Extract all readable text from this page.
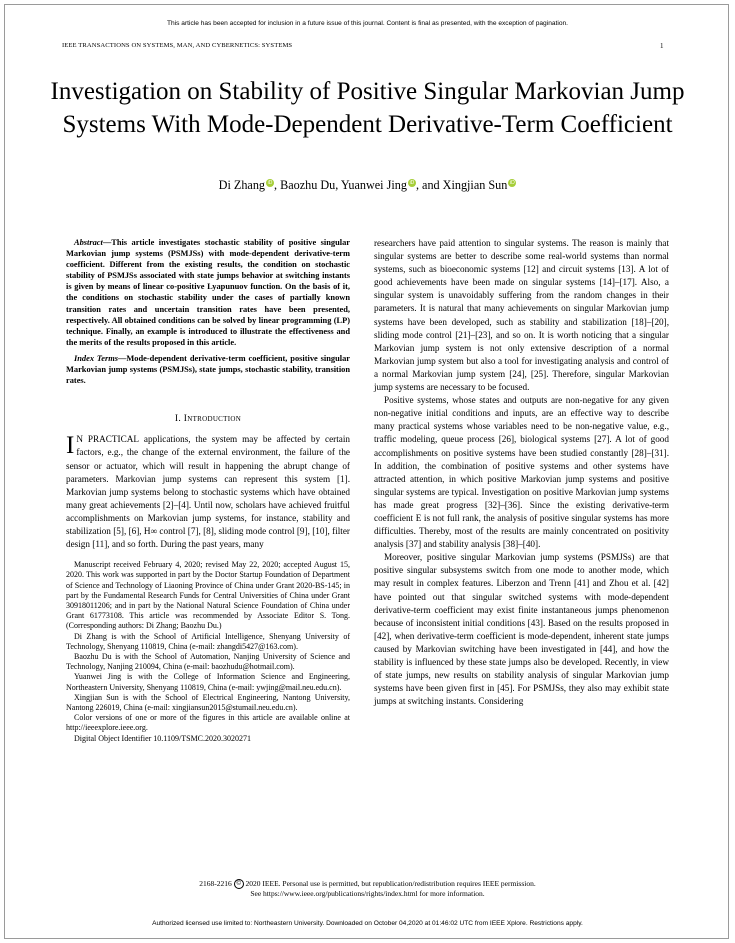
This article has been accepted for inclusion in a future issue of this journal. Content is final as presented, with the exception of pagination.
IEEE TRANSACTIONS ON SYSTEMS, MAN, AND CYBERNETICS: SYSTEMS	1
Investigation on Stability of Positive Singular Markovian Jump Systems With Mode-Dependent Derivative-Term Coefficient
Di Zhang iD , Baozhu Du, Yuanwei Jing iD , and Xingjian Sun iD
Abstract—This article investigates stochastic stability of positive singular Markovian jump systems (PSMJSs) with mode-dependent derivative-term coefficient. Different from the existing results, the condition on stochastic stability of PSMJSs associated with state jumps behavior at switching instants is given by means of linear co-positive Lyapunuov function. On the basis of it, the conditions on stochastic stability under the cases of partially known transition rates and uncertain transition rates have been presented, respectively. All obtained conditions can be solved by linear programming (LP) technique. Finally, an example is introduced to illustrate the effectiveness and the merits of the results proposed in this article.
Index Terms—Mode-dependent derivative-term coefficient, positive singular Markovian jump systems (PSMJSs), state jumps, stochastic stability, transition rates.
I. Introduction
I N PRACTICAL applications, the system may be affected by certain factors, e.g., the change of the external environment, the failure of the sensor or actuator, which will result in happening the abrupt change of parameters. Markovian jump systems can represent this system [1]. Markovian jump systems belong to stochastic systems which have obtained many great achievements [2]–[4]. Until now, scholars have achieved fruitful accomplishments on Markovian jump systems, for instance, stability and stabilization [5], [6], H∞ control [7], [8], sliding mode control [9], [10], filter design [11], and so forth. During the past years, many

Manuscript received February 4, 2020; revised May 22, 2020; accepted August 15, 2020. This work was supported in part by the Doctor Startup Foundation of Department of Science and Technology of Liaoning Province of China under Grant 2020-BS-145; in part by the Fundamental Research Funds for Central Universities of China under Grant 3091801120​6; and in part by the National Natural Science Foundation of China under Grant 61773108. This article was recommended by Associate Editor S. Tong. (Corresponding authors: Di Zhang; Baozhu Du.)

Di Zhang is with the School of Artificial Intelligence, Shenyang University of Technology, Shenyang 110819, China (e-mail: zhangdi5427@163.com).

Baozhu Du is with the School of Automation, Nanjing University of Science and Technology, Nanjing 210094, China (e-mail: baozhudu@hotmail.com).

Yuanwei Jing is with the College of Information Science and Engineering, Northeastern University, Shenyang 110819, China (e-mail: ywjing@mail.neu.edu.cn).

Xingjian Sun is with the School of Electrical Engineering, Nantong University, Nantong 226019, China (e-mail: xingjiansun2015@stumail.neu.edu.cn).

Color versions of one or more of the figures in this article are available online at http://ieeexplore.ieee.org.

Digital Object Identifier 10.1109/TSMC.2020.3020271

researchers have paid attention to singular systems. The reason is mainly that singular systems are better to describe some real-world systems than normal systems, such as bioeconomic systems [12] and circuit systems [13]. A lot of good achievements have been made on singular systems [14]–[17]. Also, a singular system is unavoidably suffering from the random changes in their parameters. It is natural that many achievements on singular Markovian jump systems have been developed, such as stability and stabilization [18]–[20], sliding mode control [21]–[23], and so on. It is worth noticing that a singular Markovian jump system is not only extensive description of a normal Markovian jump system but also a tool for investigating analysis and control of a normal Markovian jump system [24], [25]. Therefore, singular Markovian jump systems are necessary to be focused.

Positive systems, whose states and outputs are non-negative for any given non-negative initial conditions and inputs, are an effective way to describe many practical systems whose variables need to be non-negative value, e.g., traffic modeling, queue process [26], biological systems [27]. A lot of good accomplishments on positive systems have been studied constantly [28]–[31]. In addition, the combination of positive systems and other systems have attracted attention, in which positive Markovian jump systems and positive singular systems are typical. Investigation on positive Markovian jump systems has made great progress [32]–[36]. Since the existing derivative-term coefficient E is not full rank, the analysis of positive singular systems has more difficulties. Thereby, most of the results are mainly concentrated on positivity analysis [37] and stability analysis [38]–[40].

Moreover, positive singular Markovian jump systems (PSMJSs) are that positive singular subsystems switch from one mode to another mode, which may result in complex features. Liberzon and Trenn [41] and Zhou et al. [42] have pointed out that singular switched systems with mode-dependent derivative-term coefficient may exist finite instantaneous jumps phenomenon because of inconsistent initial conditions [43]. Based on the results proposed in [42], when derivative-term coefficient is mode-dependent, inherent state jumps caused by Markovian switching have been investigated in [44], and how the stability is influenced by these state jumps also be developed. Recently, in view of state jumps, new results on stability analysis of singular Markovian jump systems have been given first in [45]. For PSMJSs, they also may exhibit state jumps at switching instants. Considering

2168-2216 © 2020 IEEE. Personal use is permitted, but republication/redistribution requires IEEE permission.
See https://www.ieee.org/publications/rights/index.html for more information.
Authorized licensed use limited to: Northeastern University. Downloaded on October 04,2020 at 01:46:02 UTC from IEEE Xplore. Restrictions apply.
